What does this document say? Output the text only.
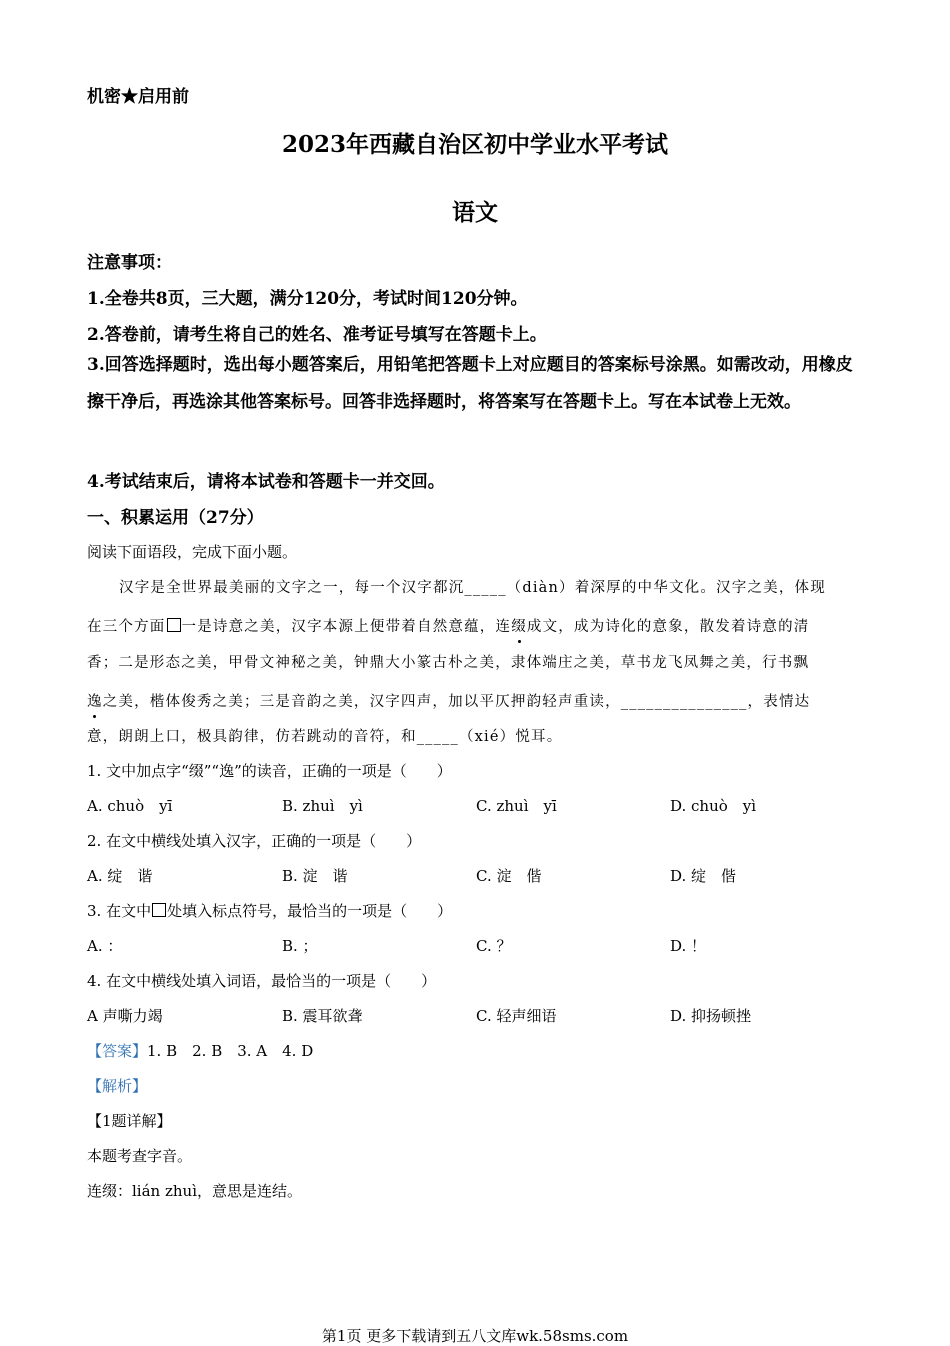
机密★启用前
2023年西藏自治区初中学业水平考试
语文
注意事项：
1.全卷共8页，三大题，满分120分，考试时间120分钟。
2.答卷前，请考生将自己的姓名、准考证号填写在答题卡上。
3.回答选择题时，选出每小题答案后，用铅笔把答题卡上对应题目的答案标号涂黑。如需改动，用橡皮擦干净后，再选涂其他答案标号。回答非选择题时，将答案写在答题卡上。写在本试卷上无效。
4.考试结束后，请将本试卷和答题卡一并交回。
一、积累运用（27分）
阅读下面语段，完成下面小题。
汉字是全世界最美丽的文字之一，每一个汉字都沉_____（diàn）着深厚的中华文化。汉字之美，体现
在三个方面 一是诗意之美，汉字本源上便带着自然意蕴，连缀成文，成为诗化的意象，散发着诗意的清
香；二是形态之美，甲骨文神秘之美，钟鼎大小篆古朴之美，隶体端庄之美，草书龙飞凤舞之美，行书飘
逸之美，楷体俊秀之美；三是音韵之美，汉字四声，加以平仄押韵轻声重读，_______________，表情达
意，朗朗上口，极具韵律，仿若跳动的音符，和_____（xié）悦耳。
1. 文中加点字“缀”“逸”的读音，正确的一项是（　　）
A. chuò　yī	B. zhuì　yì	C. zhuì　yī	D. chuò　yì
2. 在文中横线处填入汉字，正确的一项是（　　）
A. 绽　谐	B. 淀　谐	C. 淀　偕	D. 绽　偕
3. 在文中 处填入标点符号，最恰当的一项是（　　）
A. ：	B. ；	C. ？	D. ！
4. 在文中横线处填入词语，最恰当的一项是（　　）
A 声嘶力竭	B. 震耳欲聋	C. 轻声细语	D. 抑扬顿挫
【答案】1. B　2. B　3. A　4. D
【解析】
【1题详解】
本题考查字音。
连缀：lián zhuì，意思是连结。
第1页 更多下载请到五八文库wk.58sms.com
